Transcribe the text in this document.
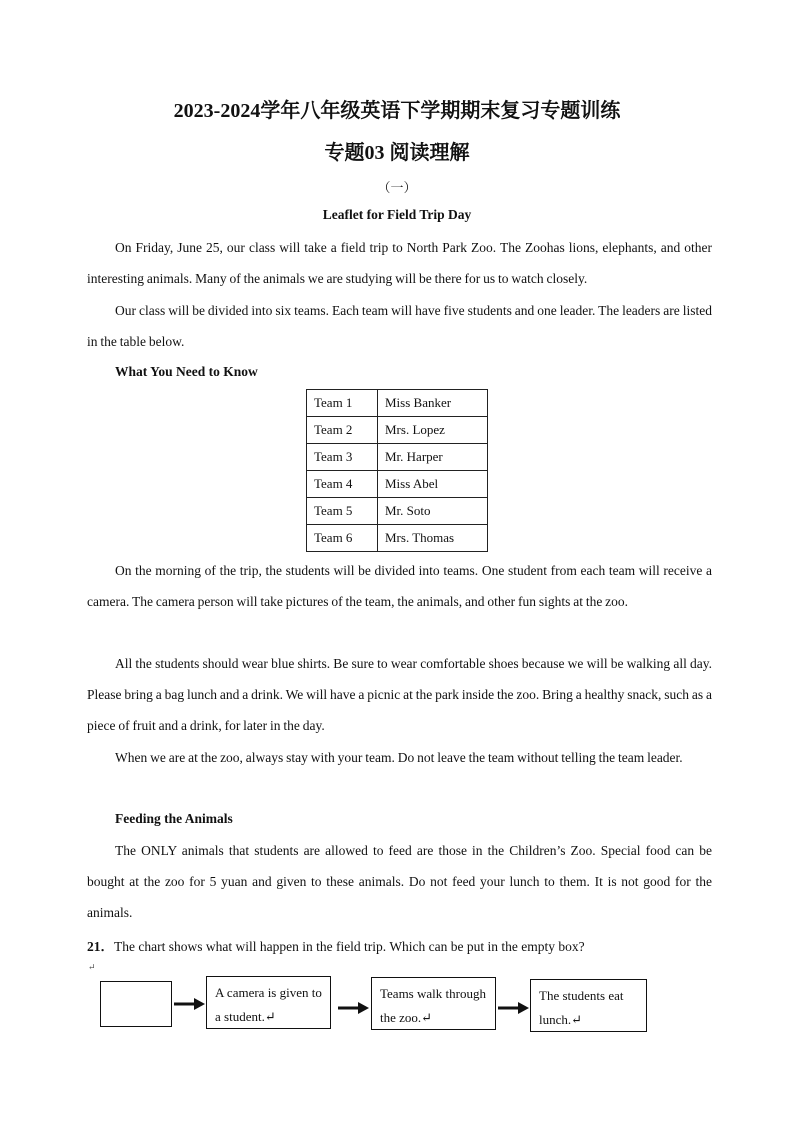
2023-2024学年八年级英语下学期期末复习专题训练
专题03 阅读理解
（一）
Leaflet for Field Trip Day
On Friday, June 25, our class will take a field trip to North Park Zoo. The Zoohas lions, elephants, and other interesting animals. Many of the animals we are studying will be there for us to watch closely.
Our class will be divided into six teams. Each team will have five students and one leader. The leaders are listed in the table below.
What You Need to Know
Team 1	Miss Banker
Team 2	Mrs. Lopez
Team 3	Mr. Harper
Team 4	Miss Abel
Team 5	Mr. Soto
Team 6	Mrs. Thomas
On the morning of the trip, the students will be divided into teams. One student from each team will receive a camera. The camera person will take pictures of the team, the animals, and other fun sights at the zoo.
All the students should wear blue shirts. Be sure to wear comfortable shoes because we will be walking all day. Please bring a bag lunch and a drink. We will have a picnic at the park inside the zoo. Bring a healthy snack, such as a piece of fruit and a drink, for later in the day.
When we are at the zoo, always stay with your team. Do not leave the team without telling the team leader.
Feeding the Animals
The ONLY animals that students are allowed to feed are those in the Children’s Zoo. Special food can be bought at the zoo for 5 yuan and given to these animals. Do not feed your lunch to them. It is not good for the animals.
21．The chart shows what will happen in the field trip. Which can be put in the empty box?
↵
A camera is given to a student.↵
Teams walk through the zoo.↵
The students eat lunch.↵
